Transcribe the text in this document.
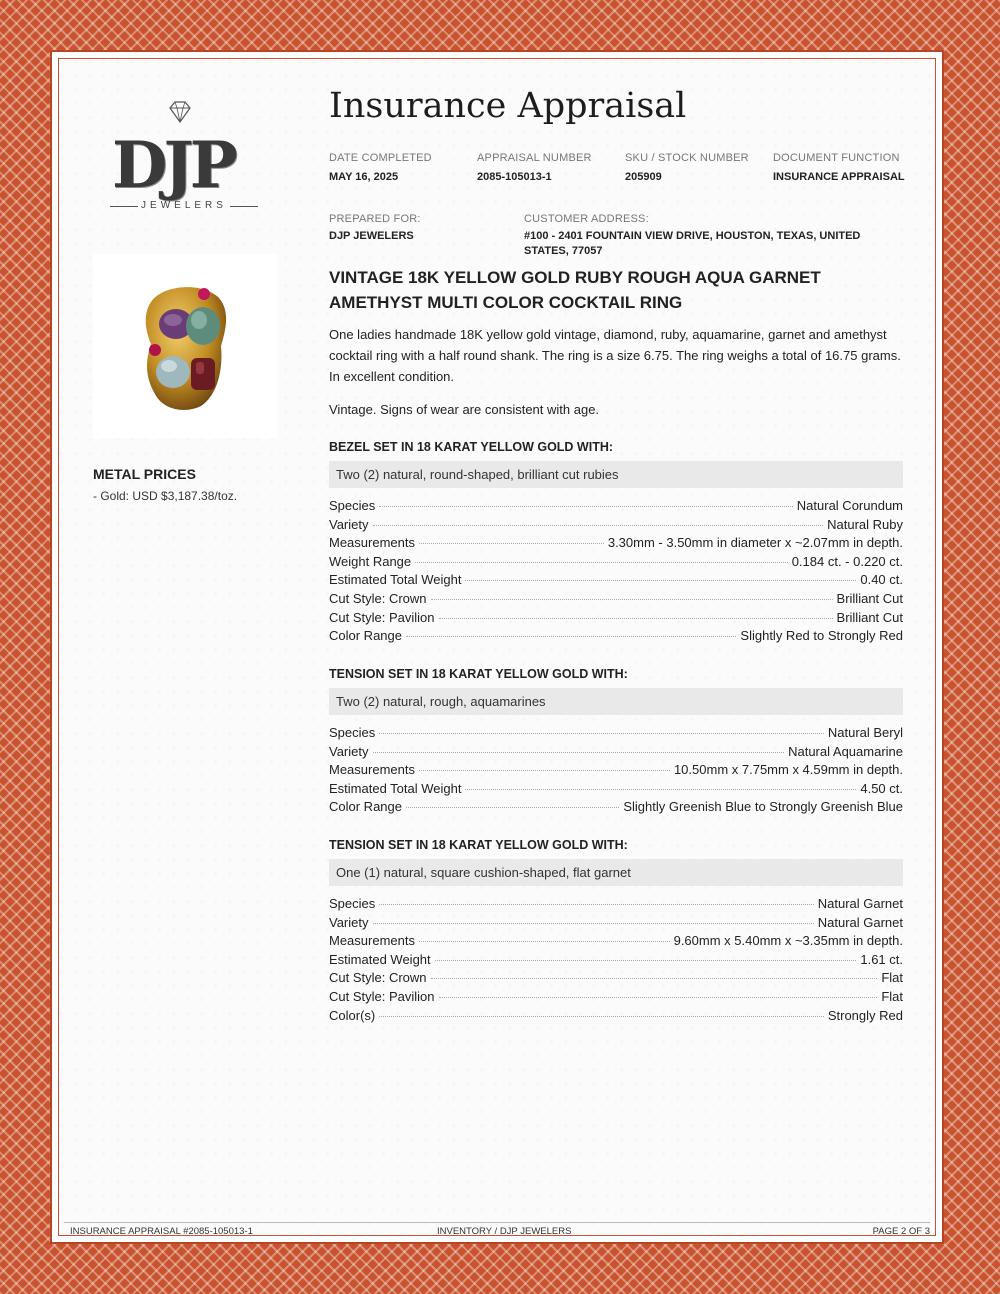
DJP
JEWELERS
Insurance Appraisal
DATE COMPLETED
MAY 16, 2025
APPRAISAL NUMBER
2085-105013-1
SKU / STOCK NUMBER
205909
DOCUMENT FUNCTION
INSURANCE APPRAISAL
PREPARED FOR:
DJP JEWELERS
CUSTOMER ADDRESS:
#100 - 2401 FOUNTAIN VIEW DRIVE, HOUSTON, TEXAS, UNITED STATES, 77057
METAL PRICES
- Gold: USD $3,187.38/toz.
VINTAGE 18K YELLOW GOLD RUBY ROUGH AQUA GARNET AMETHYST MULTI COLOR COCKTAIL RING
One ladies handmade 18K yellow gold vintage, diamond, ruby, aquamarine, garnet and amethyst cocktail ring with a half round shank. The ring is a size 6.75. The ring weighs a total of 16.75 grams. In excellent condition.
Vintage. Signs of wear are consistent with age.
BEZEL SET IN 18 KARAT YELLOW GOLD WITH:
Two (2) natural, round-shaped, brilliant cut rubies
Species	Natural Corundum
Variety	Natural Ruby
Measurements	3.30mm - 3.50mm in diameter x ~2.07mm in depth.
Weight Range	0.184 ct. - 0.220 ct.
Estimated Total Weight	0.40 ct.
Cut Style: Crown	Brilliant Cut
Cut Style: Pavilion	Brilliant Cut
Color Range	Slightly Red to Strongly Red
TENSION SET IN 18 KARAT YELLOW GOLD WITH:
Two (2) natural, rough, aquamarines
Species	Natural Beryl
Variety	Natural Aquamarine
Measurements	10.50mm x 7.75mm x 4.59mm in depth.
Estimated Total Weight	4.50 ct.
Color Range	Slightly Greenish Blue to Strongly Greenish Blue
TENSION SET IN 18 KARAT YELLOW GOLD WITH:
One (1) natural, square cushion-shaped, flat garnet
Species	Natural Garnet
Variety	Natural Garnet
Measurements	9.60mm x 5.40mm x ~3.35mm in depth.
Estimated Weight	1.61 ct.
Cut Style: Crown	Flat
Cut Style: Pavilion	Flat
Color(s)	Strongly Red
INSURANCE APPRAISAL #2085-105013-1	INVENTORY / DJP JEWELERS	PAGE 2 OF 3
